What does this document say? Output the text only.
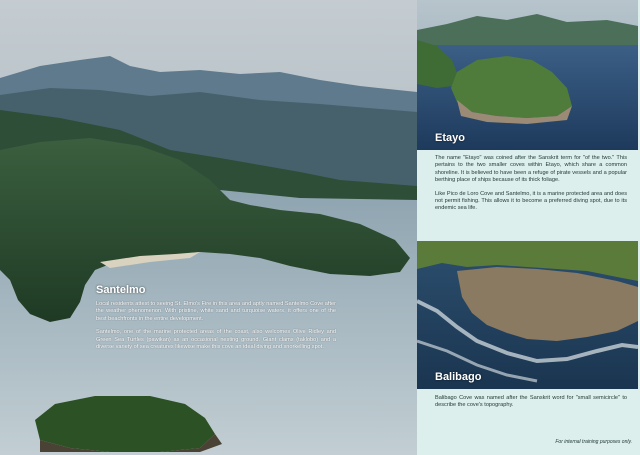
Santelmo

Local residents attest to seeing St. Elmo's Fire in this area and aptly named Santelmo Cove after the weather phenomenon. With pristine, white sand and turquoise waters, it offers one of the best beachfronts in the entire development.

Santelmo, one of the marine protected areas of the coast, also welcomes Olive Ridley and Green Sea Turtles (pawikan) as an occasional nesting ground. Giant clams (taklobo) and a diverse variety of sea creatures likewise make this cove an ideal diving and snorkelling spot.

Etayo

The name "Etayo" was coined after the Sanskrit term for "of the two." This pertains to the two smaller coves within Etayo, which share a common shoreline. It is believed to have been a refuge of pirate vessels and a popular berthing place of ships because of its thick foliage.

Like Pico de Loro Cove and Santelmo, it is a marine protected area and does not permit fishing. This allows it to become a preferred diving spot, due to its endemic sea life.

Balibago

Balibago Cove was named after the Sanskrit word for "small semicircle" to describe the cove's topography.

For internal training purposes only.
